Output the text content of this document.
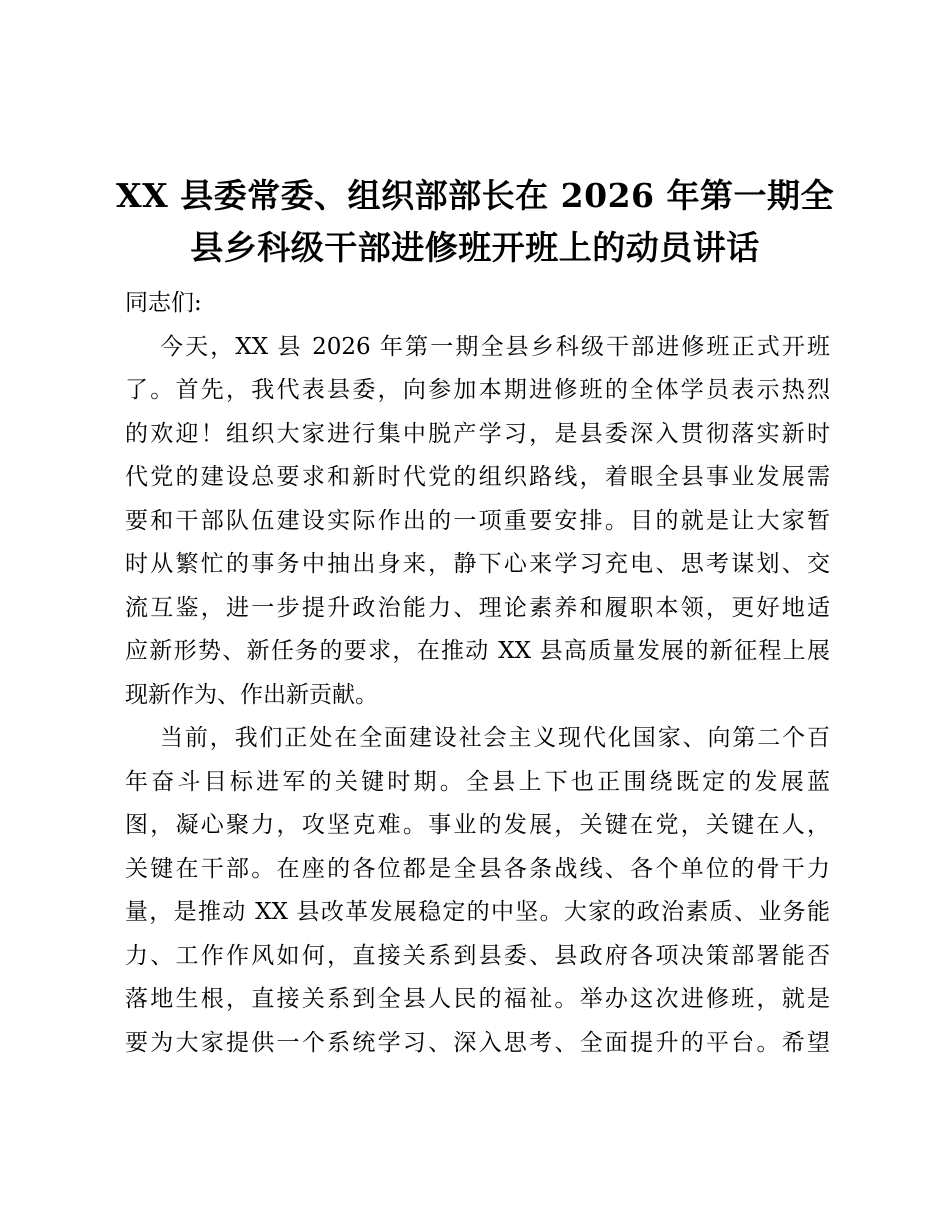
XX 县委常委、组织部部长在 2026 年第一期全
县乡科级干部进修班开班上的动员讲话
同志们:
今天，XX 县 2026 年第一期全县乡科级干部进修班正式开班
了。首先，我代表县委，向参加本期进修班的全体学员表示热烈
的欢迎！组织大家进行集中脱产学习，是县委深入贯彻落实新时
代党的建设总要求和新时代党的组织路线，着眼全县事业发展需
要和干部队伍建设实际作出的一项重要安排。目的就是让大家暂
时从繁忙的事务中抽出身来，静下心来学习充电、思考谋划、交
流互鉴，进一步提升政治能力、理论素养和履职本领，更好地适
应新形势、新任务的要求，在推动 XX 县高质量发展的新征程上展
现新作为、作出新贡献。
当前，我们正处在全面建设社会主义现代化国家、向第二个百
年奋斗目标进军的关键时期。全县上下也正围绕既定的发展蓝
图，凝心聚力，攻坚克难。事业的发展，关键在党，关键在人，
关键在干部。在座的各位都是全县各条战线、各个单位的骨干力
量，是推动 XX 县改革发展稳定的中坚。大家的政治素质、业务能
力、工作作风如何，直接关系到县委、县政府各项决策部署能否
落地生根，直接关系到全县人民的福祉。举办这次进修班，就是
要为大家提供一个系统学习、深入思考、全面提升的平台。希望
